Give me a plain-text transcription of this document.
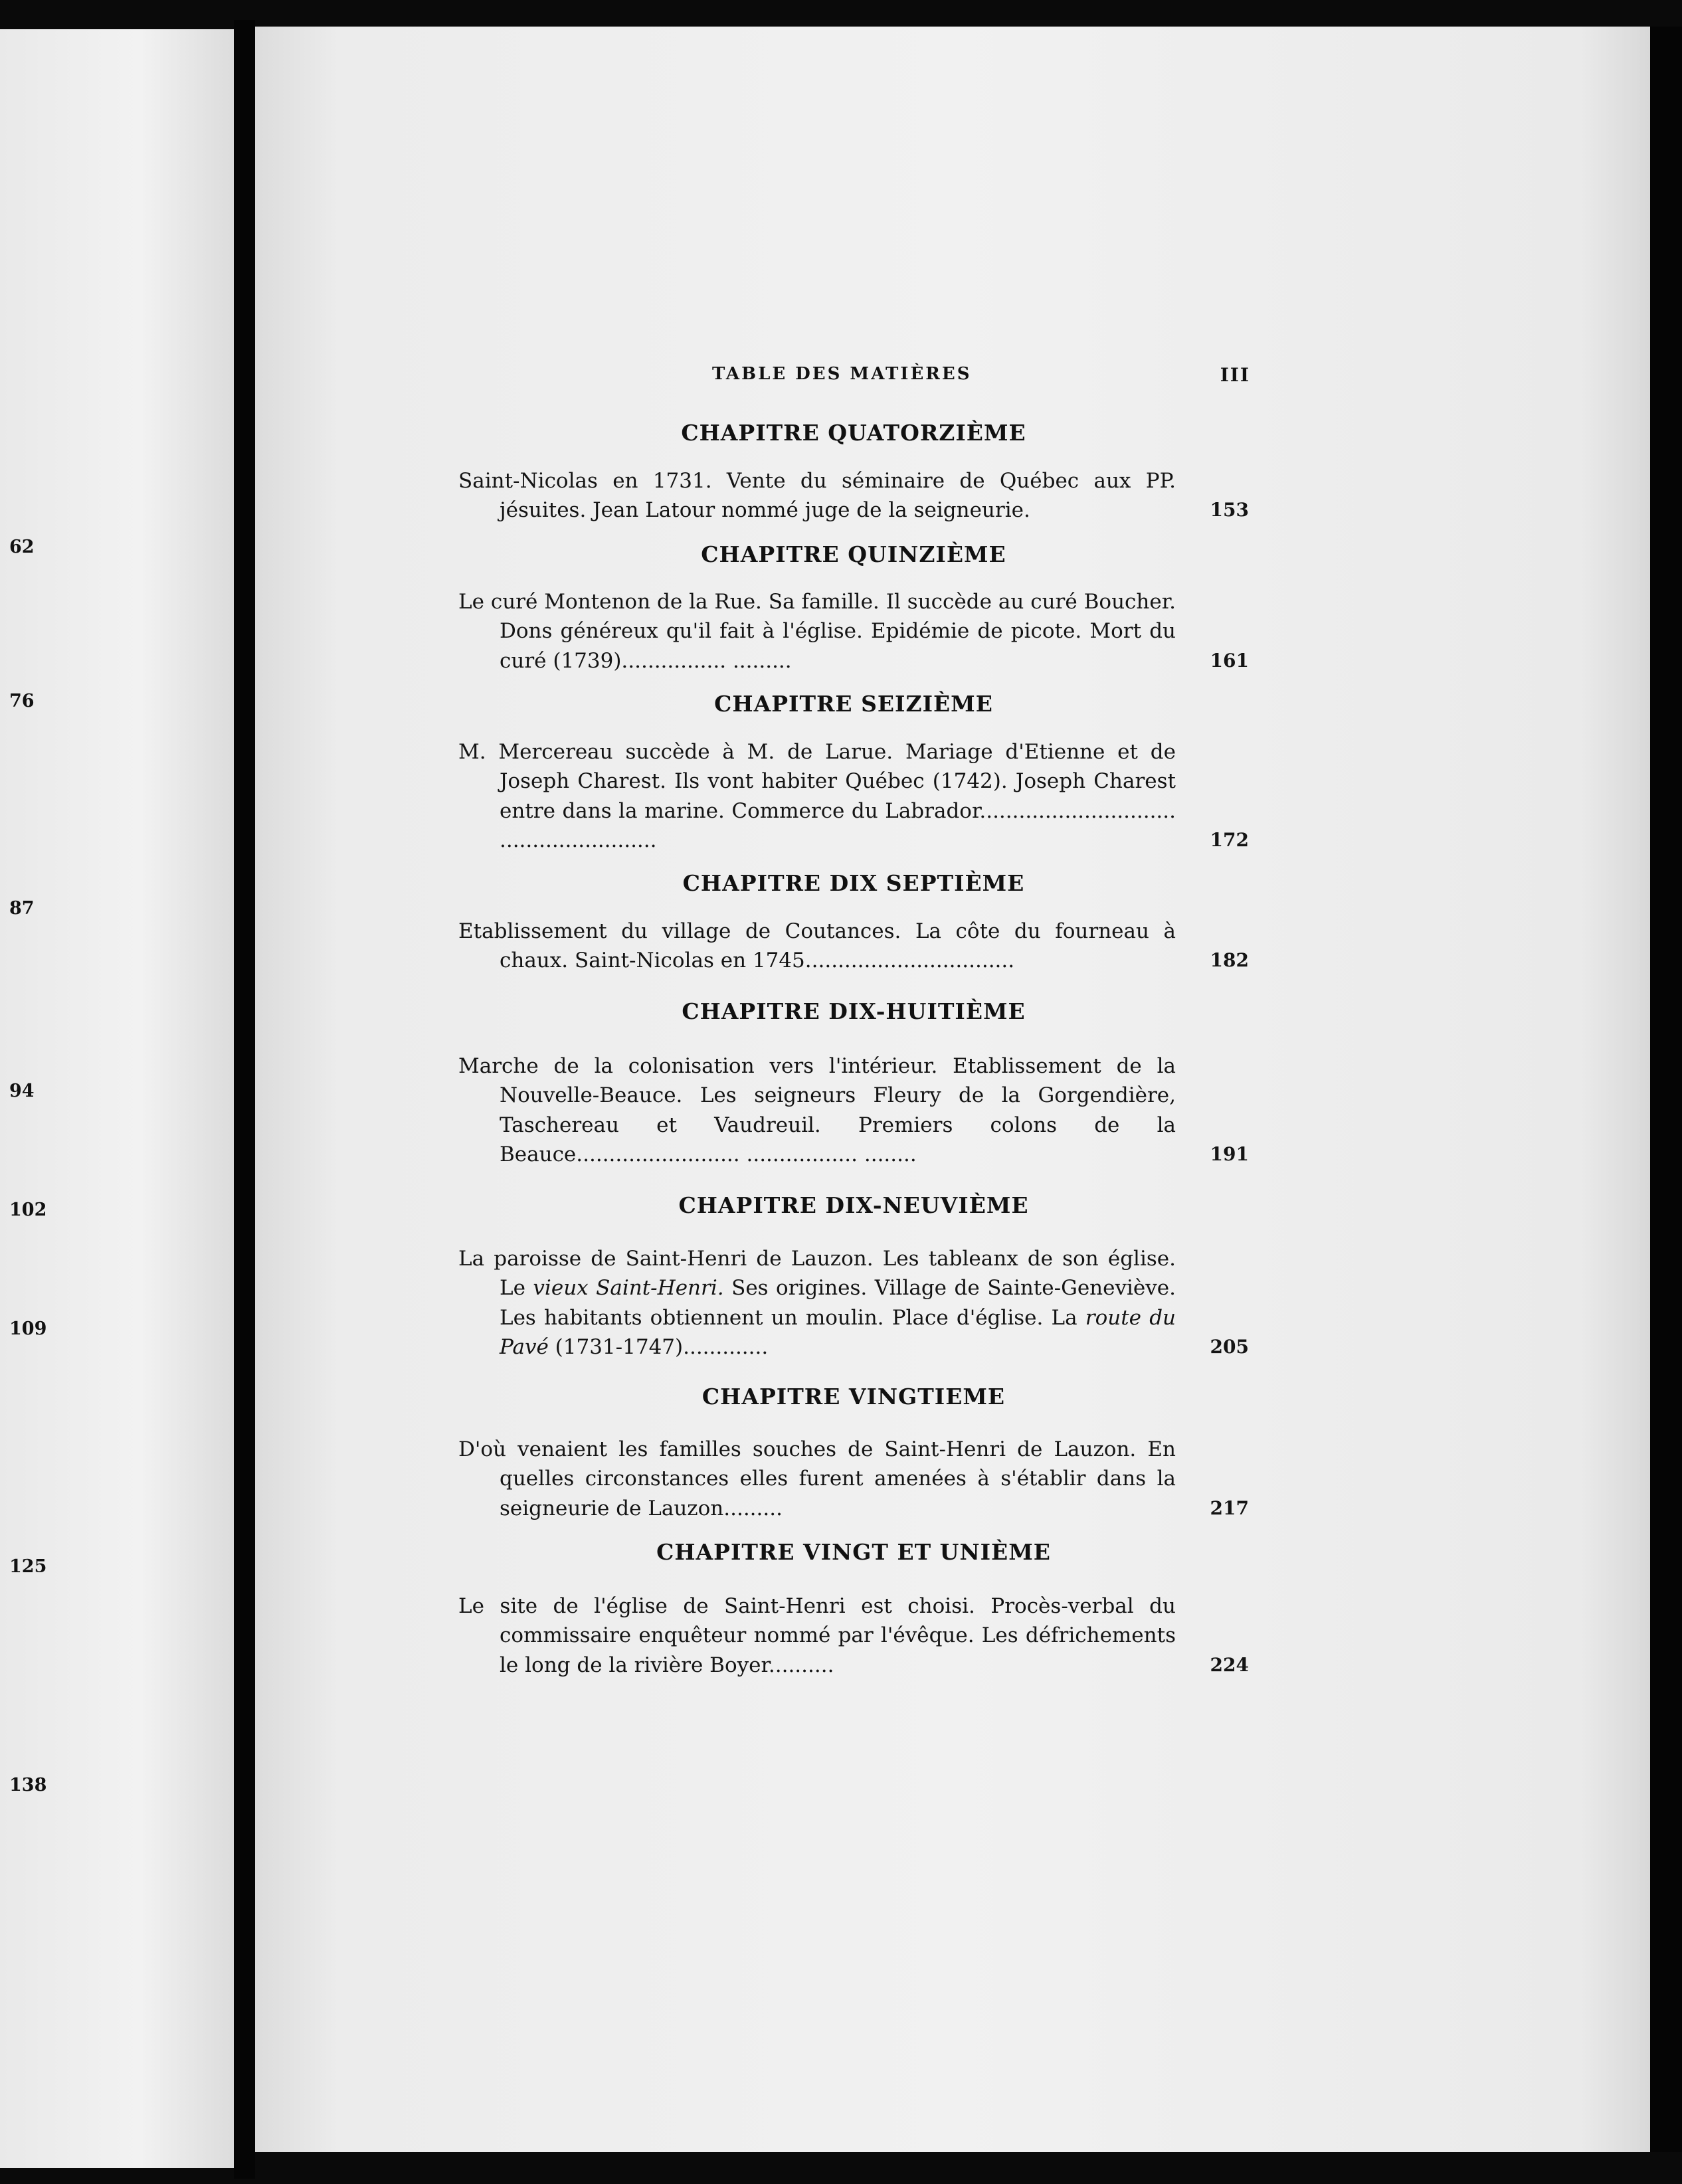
62
76
87
94
102
109
125
138
TABLE DES MATIÈRES	III
CHAPITRE QUATORZIÈME
Saint-Nicolas en 1731. Vente du séminaire de Québec aux PP. jésuites. Jean Latour nommé juge de la seigneurie.	153
CHAPITRE QUINZIÈME
Le curé Montenon de la Rue. Sa famille. Il succède au curé Boucher. Dons généreux qu'il fait à l'église. Epidémie de picote. Mort du curé (1739)................ .........	161
CHAPITRE SEIZIÈME
M. Mercereau succède à M. de Larue. Mariage d'Etienne et de Joseph Charest. Ils vont habiter Québec (1742). Joseph Charest entre dans la marine. Commerce du Labrador.............................. ........................	172
CHAPITRE DIX SEPTIÈME
Etablissement du village de Coutances. La côte du fourneau à chaux. Saint-Nicolas en 1745................................	182
CHAPITRE DIX-HUITIÈME
Marche de la colonisation vers l'intérieur. Etablissement de la Nouvelle-Beauce. Les seigneurs Fleury de la Gorgendière, Taschereau et Vaudreuil. Premiers colons de la Beauce......................... ................. ........	191
CHAPITRE DIX-NEUVIÈME
La paroisse de Saint-Henri de Lauzon. Les tableanx de son église. Le vieux Saint-Henri. Ses origines. Village de Sainte-Geneviève. Les habitants obtiennent un moulin. Place d'église. La route du Pavé (1731-1747).............	205
CHAPITRE VINGTIEME
D'où venaient les familles souches de Saint-Henri de Lauzon. En quelles circonstances elles furent amenées à s'établir dans la seigneurie de Lauzon.........	217
CHAPITRE VINGT ET UNIÈME
Le site de l'église de Saint-Henri est choisi. Procès-verbal du commissaire enquêteur nommé par l'évêque. Les défrichements le long de la rivière Boyer..........	224
